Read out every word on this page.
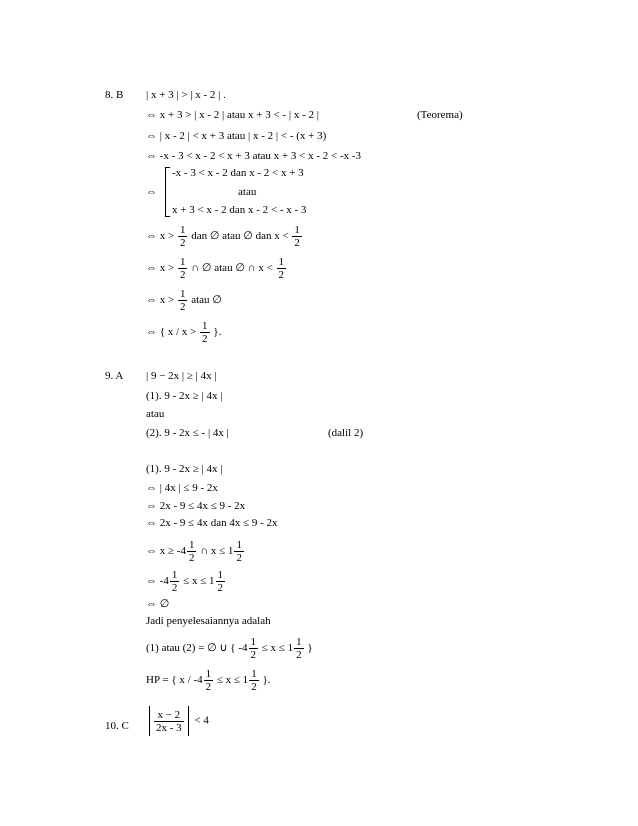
8. B | x + 3 | > | x - 2 | .
⇔ x + 3 > | x - 2 | atau x + 3 < - | x - 2 |	(Teorema)
⇔ | x - 2 | < x + 3 atau | x - 2 | < - (x + 3)
⇔ -x - 3 < x - 2 < x + 3 atau x + 3 < x - 2 < -x -3
⇔
-x - 3 < x - 2 dan x - 2 < x + 3
atau
x + 3 < x - 2 dan x - 2 < - x - 3
⇔ $x > \frac{1}{2}$ dan ∅ atau ∅ dan $x < \frac{1}{2}$
⇔ $x > \frac{1}{2}$ ∩ ∅ atau ∅ ∩ $x < \frac{1}{2}$
⇔ $x > \frac{1}{2}$ atau ∅
⇔ { $x / x > \frac{1}{2}$ }.
9. A | 9 − 2x | ≥ | 4x |
(1). 9 - 2x ≥ | 4x |
atau
(2). 9 - 2x ≤ - | 4x |	(dalil 2)
(1). 9 - 2x ≥ | 4x |
⇔ | 4x | ≤ 9 - 2x
⇔ 2x - 9 ≤ 4x ≤ 9 - 2x
⇔ 2x - 9 ≤ 4x dan 4x ≤ 9 - 2x
⇔ $x \ge -4 \frac{1}{2}$ ∩ $x \le 1 \frac{1}{2}$
⇔ $-4 \frac{1}{2} \le x \le 1 \frac{1}{2}$
⇔ ∅
Jadi penyelesaiannya adalah
(1) atau (2) = ∅ ∪ { $-4 \frac{1}{2} \le x \le 1 \frac{1}{2}$ }
HP = { $x / -4 \frac{1}{2} \le x \le 1 \frac{1}{2}$ }.
10. C $\frac{x - 2}{2x - 3} < 4$
